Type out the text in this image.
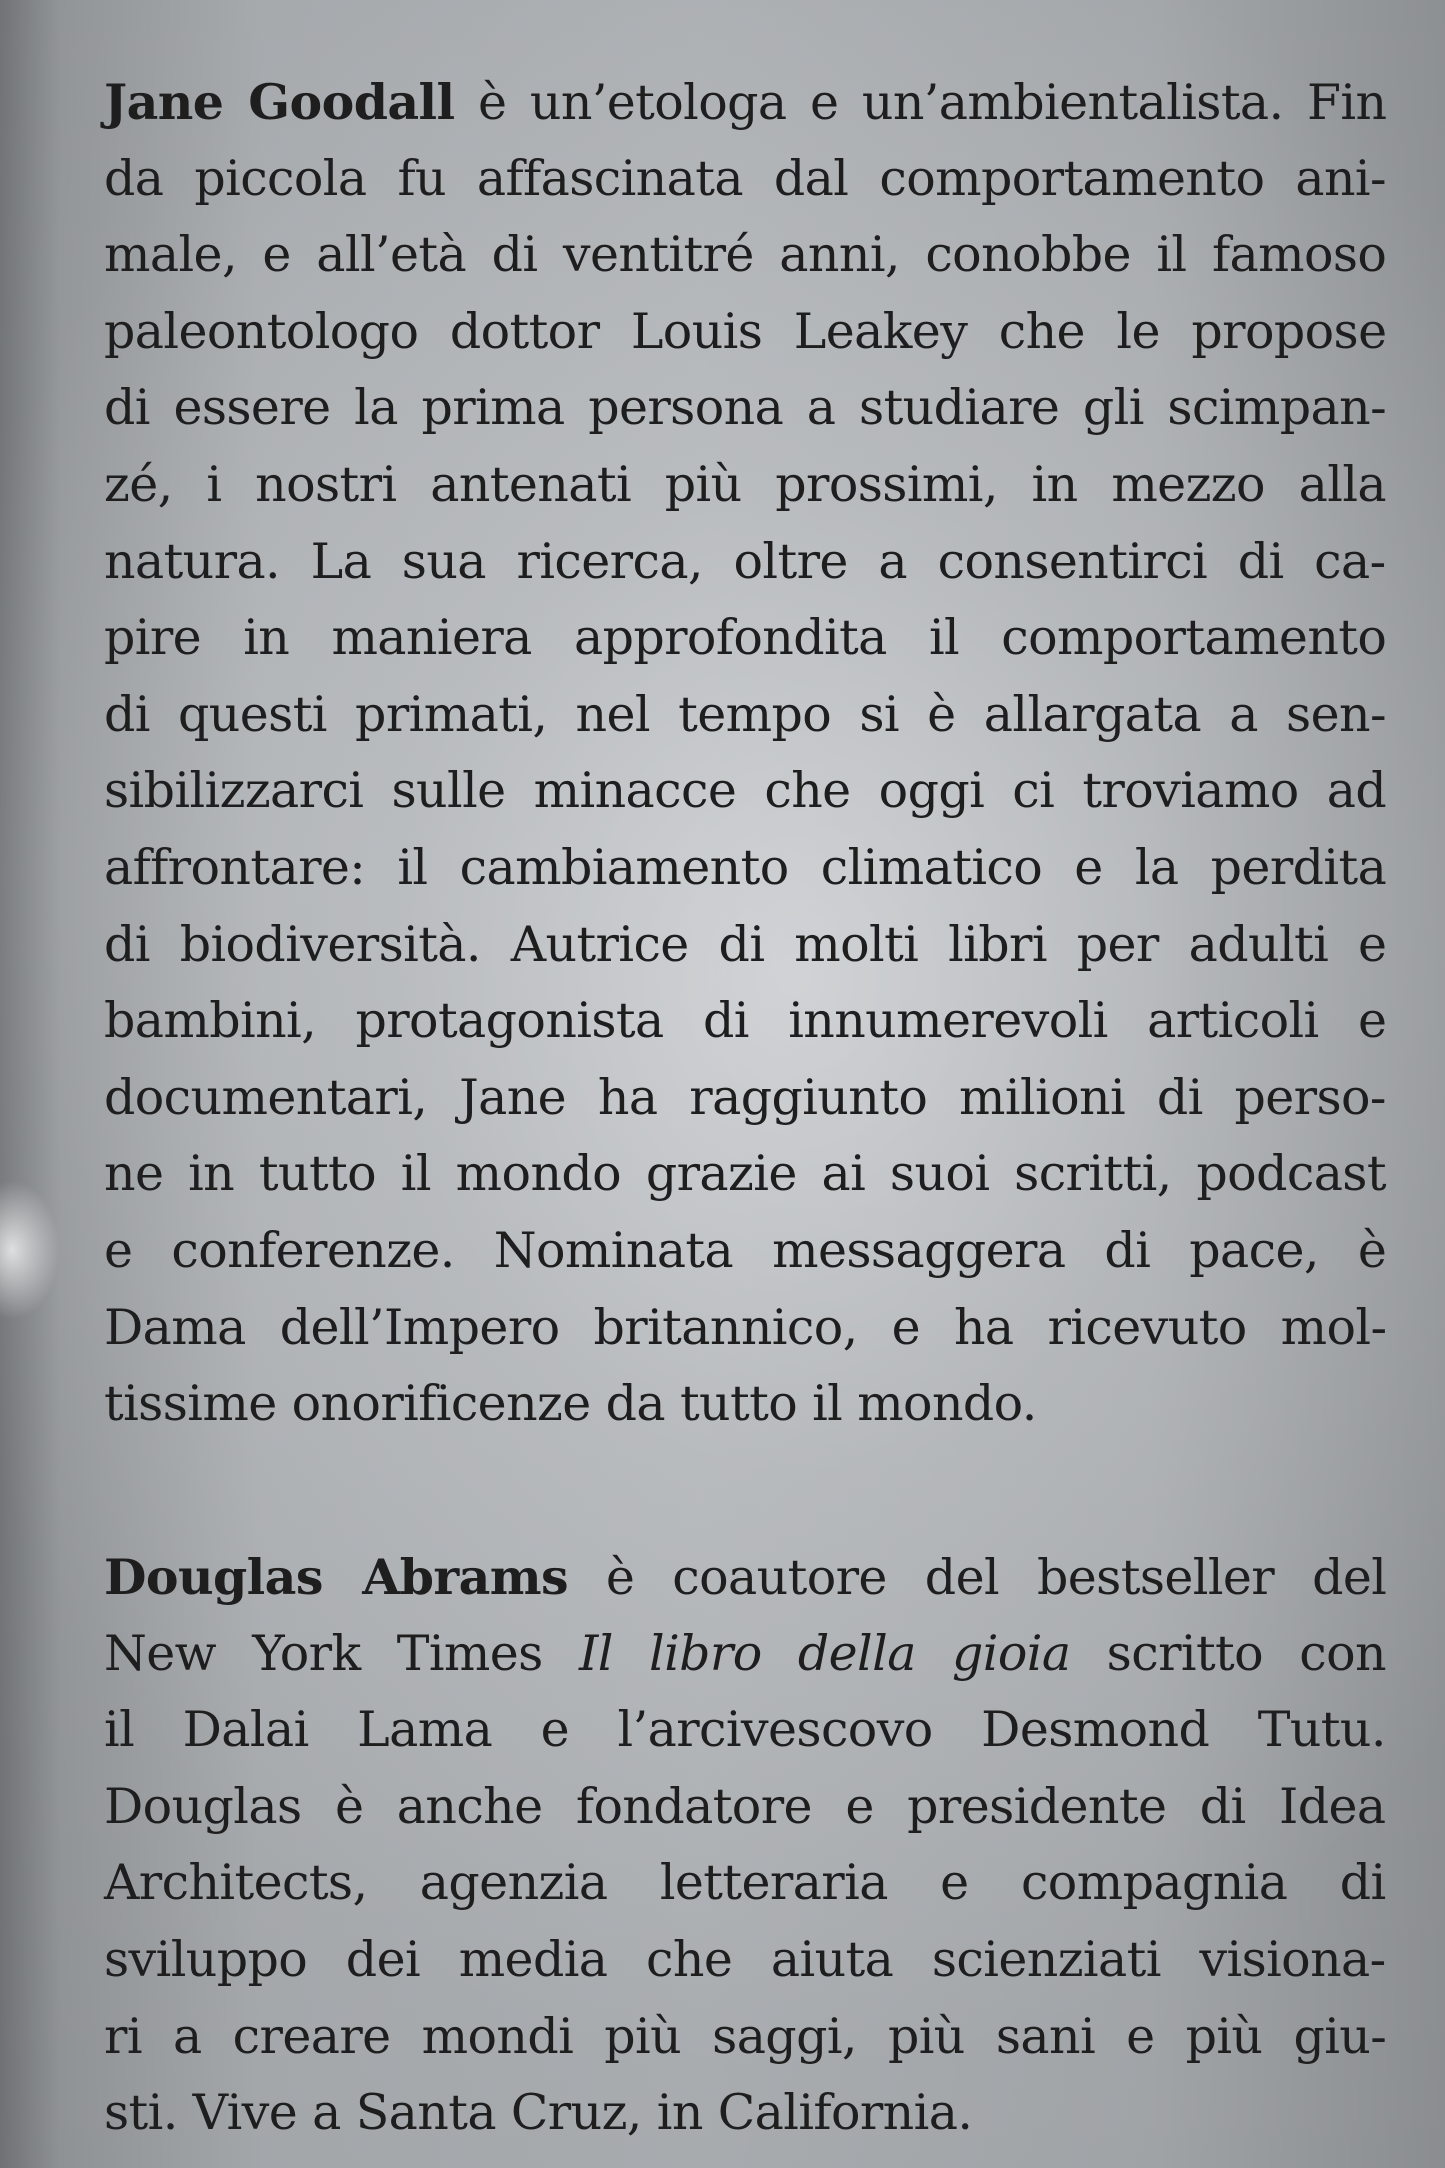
Jane Goodall è un’etologa e un’ambientalista. Fin
da piccola fu affascinata dal comportamento ani-
male, e all’età di ventitré anni, conobbe il famoso
paleontologo dottor Louis Leakey che le propose
di essere la prima persona a studiare gli scimpan-
zé, i nostri antenati più prossimi, in mezzo alla
natura. La sua ricerca, oltre a consentirci di ca-
pire in maniera approfondita il comportamento
di questi primati, nel tempo si è allargata a sen-
sibilizzarci sulle minacce che oggi ci troviamo ad
affrontare: il cambiamento climatico e la perdita
di biodiversità. Autrice di molti libri per adulti e
bambini, protagonista di innumerevoli articoli e
documentari, Jane ha raggiunto milioni di perso-
ne in tutto il mondo grazie ai suoi scritti, podcast
e conferenze. Nominata messaggera di pace, è
Dama dell’Impero britannico, e ha ricevuto mol-
tissime onorificenze da tutto il mondo.
Douglas Abrams è coautore del bestseller del
New York Times Il libro della gioia scritto con
il Dalai Lama e l’arcivescovo Desmond Tutu.
Douglas è anche fondatore e presidente di Idea
Architects, agenzia letteraria e compagnia di
sviluppo dei media che aiuta scienziati visiona-
ri a creare mondi più saggi, più sani e più giu-
sti. Vive a Santa Cruz, in California.
